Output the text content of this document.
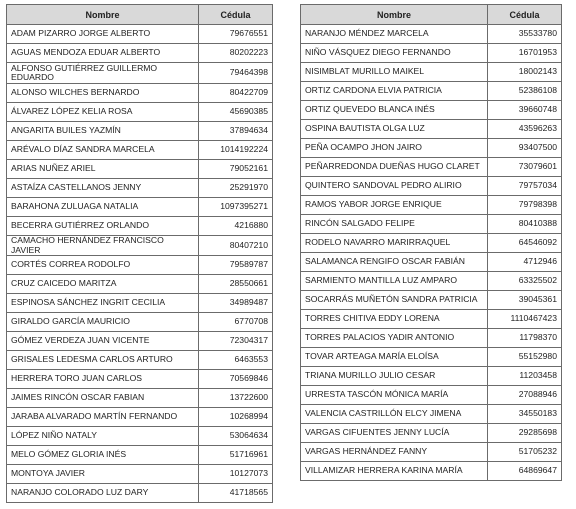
Nombre	Cédula
ADAM PIZARRO JORGE ALBERTO	79676551
AGUAS MENDOZA EDUAR ALBERTO	80202223
ALFONSO GUTIÉRREZ GUILLERMO EDUARDO	79464398
ALONSO WILCHES BERNARDO	80422709
ÁLVAREZ LÓPEZ KELIA ROSA	45690385
ANGARITA BUILES YAZMÍN	37894634
ARÉVALO DÍAZ SANDRA MARCELA	1014192224
ARIAS NUÑEZ ARIEL	79052161
ASTAÍZA CASTELLANOS JENNY	25291970
BARAHONA ZULUAGA NATALIA	1097395271
BECERRA GUTIÉRREZ ORLANDO	4216880
CAMACHO HERNÁNDEZ FRANCISCO JAVIER	80407210
CORTÉS CORREA RODOLFO	79589787
CRUZ CAICEDO MARITZA	28550661
ESPINOSA SÁNCHEZ INGRIT CECILIA	34989487
GIRALDO GARCÍA MAURICIO	6770708
GÓMEZ VERDEZA JUAN VICENTE	72304317
GRISALES LEDESMA CARLOS ARTURO	6463553
HERRERA TORO JUAN CARLOS	70569846
JAIMES RINCÓN OSCAR FABIAN	13722600
JARABA ALVARADO MARTÍN FERNANDO	10268994
LÓPEZ NIÑO NATALY	53064634
MELO GÓMEZ GLORIA INÉS	51716961
MONTOYA JAVIER	10127073
NARANJO COLORADO LUZ DARY	41718565
Nombre	Cédula
NARANJO MÉNDEZ MARCELA	35533780
NIÑO VÁSQUEZ DIEGO FERNANDO	16701953
NISIMBLAT MURILLO MAIKEL	18002143
ORTIZ CARDONA ELVIA PATRICIA	52386108
ORTIZ QUEVEDO BLANCA INÉS	39660748
OSPINA BAUTISTA OLGA LUZ	43596263
PEÑA OCAMPO JHON JAIRO	93407500
PEÑARREDONDA DUEÑAS HUGO CLARET	73079601
QUINTERO SANDOVAL PEDRO ALIRIO	79757034
RAMOS YABOR JORGE ENRIQUE	79798398
RINCÓN SALGADO FELIPE	80410388
RODELO NAVARRO MARIRRAQUEL	64546092
SALAMANCA RENGIFO OSCAR FABIÁN	4712946
SARMIENTO MANTILLA LUZ AMPARO	63325502
SOCARRÁS MUÑETÓN SANDRA PATRICIA	39045361
TORRES CHITIVA EDDY LORENA	1110467423
TORRES PALACIOS YADIR ANTONIO	11798370
TOVAR ARTEAGA MARÍA ELOÍSA	55152980
TRIANA MURILLO JULIO CESAR	11203458
URRESTA TASCÓN MÓNICA MARÍA	27088946
VALENCIA CASTRILLÓN ELCY JIMENA	34550183
VARGAS CIFUENTES JENNY LUCÍA	29285698
VARGAS HERNÁNDEZ FANNY	51705232
VILLAMIZAR HERRERA KARINA MARÍA	64869647
